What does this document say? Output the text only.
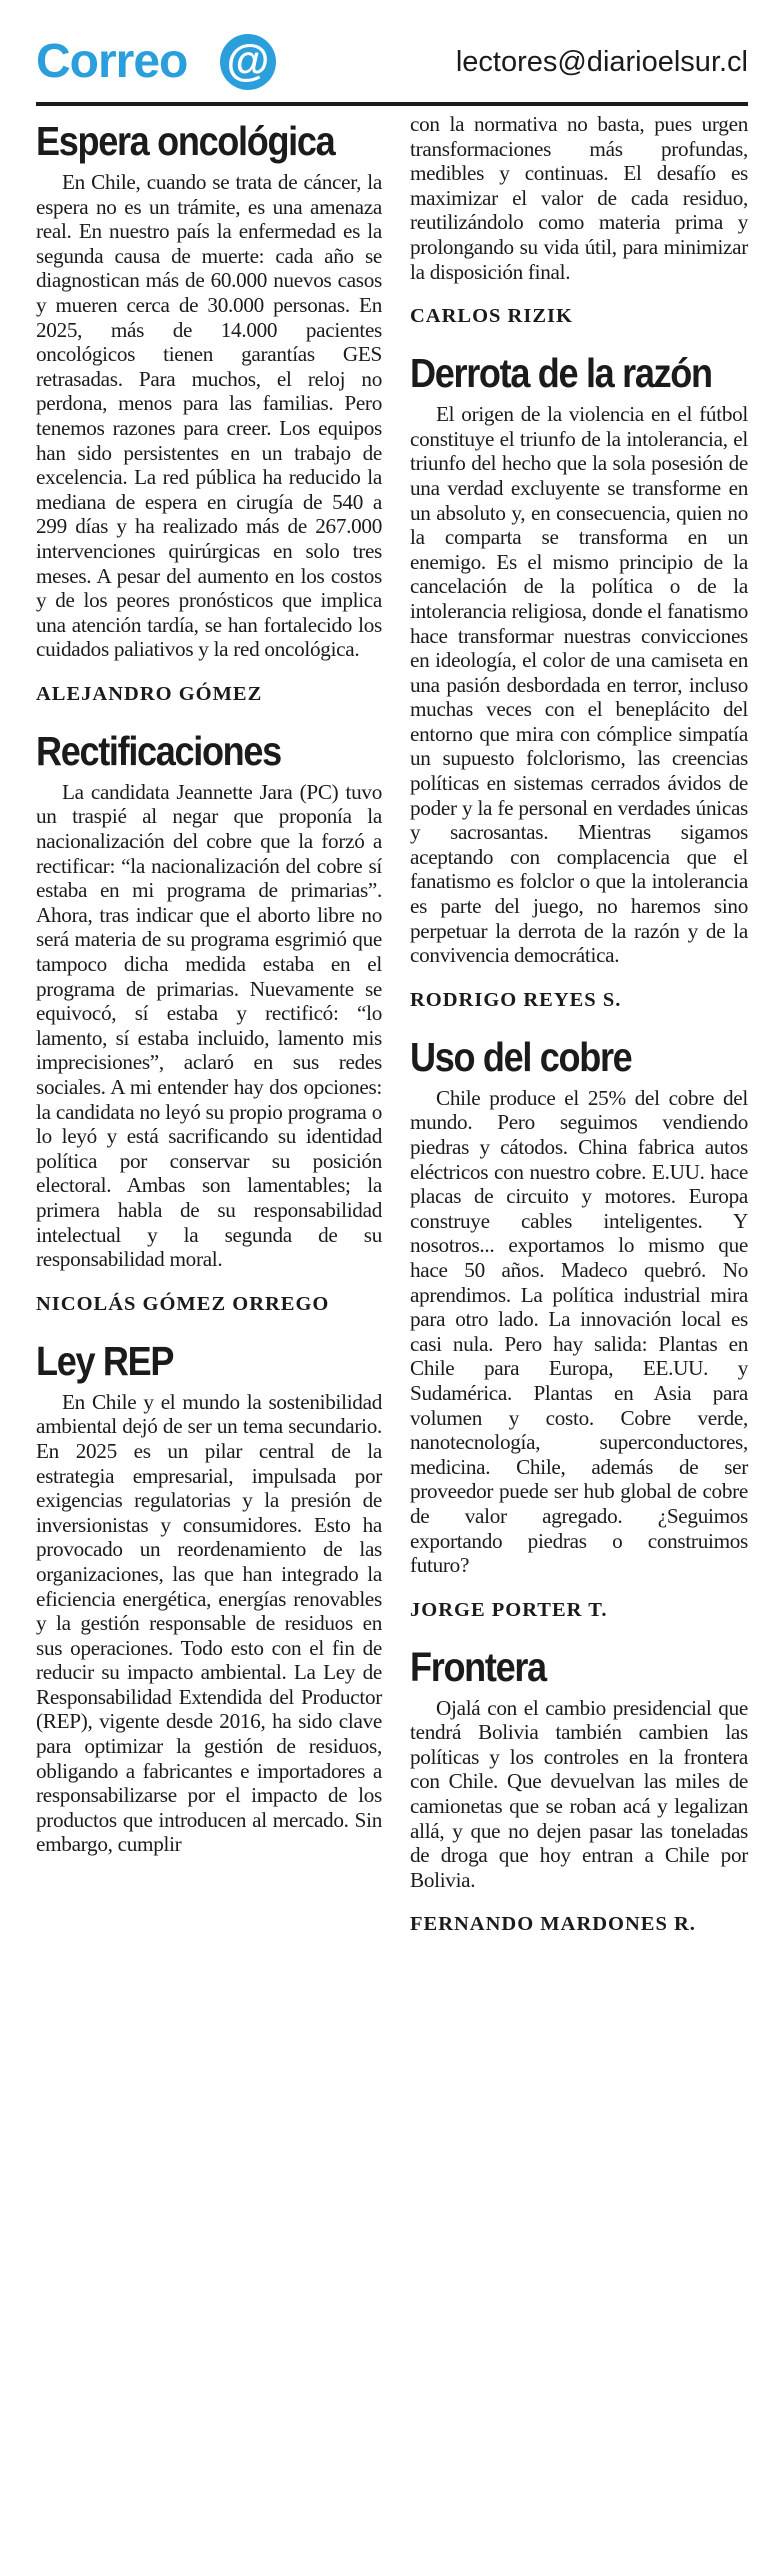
Correo @	lectores@diarioelsur.cl
Espera oncológica

En Chile, cuando se trata de cáncer, la espera no es un trámite, es una amenaza real. En nuestro país la enfermedad es la segunda causa de muerte: cada año se diagnostican más de 60.000 nuevos casos y mueren cerca de 30.000 personas. En 2025, más de 14.000 pacientes oncológicos tienen garantías GES retrasadas. Para muchos, el reloj no perdona, menos para las familias. Pero tenemos razones para creer. Los equipos han sido persistentes en un trabajo de excelencia. La red pública ha reducido la mediana de espera en cirugía de 540 a 299 días y ha realizado más de 267.000 intervenciones quirúrgicas en solo tres meses. A pesar del aumento en los costos y de los peores pronósticos que implica una atención tardía, se han fortalecido los cuidados paliativos y la red oncológica.

ALEJANDRO GÓMEZ
Rectificaciones

La candidata Jeannette Jara (PC) tuvo un traspié al negar que proponía la nacionalización del cobre que la forzó a rectificar: “la nacionalización del cobre sí estaba en mi programa de primarias”. Ahora, tras indicar que el aborto libre no será materia de su programa esgrimió que tampoco dicha medida estaba en el programa de primarias. Nuevamente se equivocó, sí estaba y rectificó: “lo lamento, sí estaba incluido, lamento mis imprecisiones”, aclaró en sus redes sociales. A mi entender hay dos opciones: la candidata no leyó su propio programa o lo leyó y está sacrificando su identidad política por conservar su posición electoral. Ambas son lamentables; la primera habla de su responsabilidad intelectual y la segunda de su responsabilidad moral.

NICOLÁS GÓMEZ ORREGO
Ley REP

En Chile y el mundo la sostenibilidad ambiental dejó de ser un tema secundario. En 2025 es un pilar central de la estrategia empresarial, impulsada por exigencias regulatorias y la presión de inversionistas y consumidores. Esto ha provocado un reordenamiento de las organizaciones, las que han integrado la eficiencia energética, energías renovables y la gestión responsable de residuos en sus operaciones. Todo esto con el fin de reducir su impacto ambiental. La Ley de Responsabilidad Extendida del Productor (REP), vigente desde 2016, ha sido clave para optimizar la gestión de residuos, obligando a fabricantes e importadores a responsabilizarse por el impacto de los productos que introducen al mercado. Sin embargo, cumplir

con la normativa no basta, pues urgen transformaciones más profundas, medibles y continuas. El desafío es maximizar el valor de cada residuo, reutilizándolo como materia prima y prolongando su vida útil, para minimizar la disposición final.

CARLOS RIZIK
Derrota de la razón

El origen de la violencia en el fútbol constituye el triunfo de la intolerancia, el triunfo del hecho que la sola posesión de una verdad excluyente se transforme en un absoluto y, en consecuencia, quien no la comparta se transforma en un enemigo. Es el mismo principio de la cancelación de la política o de la intolerancia religiosa, donde el fanatismo hace transformar nuestras convicciones en ideología, el color de una camiseta en una pasión desbordada en terror, incluso muchas veces con el beneplácito del entorno que mira con cómplice simpatía un supuesto folclorismo, las creencias políticas en sistemas cerrados ávidos de poder y la fe personal en verdades únicas y sacrosantas. Mientras sigamos aceptando con complacencia que el fanatismo es folclor o que la intolerancia es parte del juego, no haremos sino perpetuar la derrota de la razón y de la convivencia democrática.

RODRIGO REYES S.
Uso del cobre

Chile produce el 25% del cobre del mundo. Pero seguimos vendiendo piedras y cátodos. China fabrica autos eléctricos con nuestro cobre. E.UU. hace placas de circuito y motores. Europa construye cables inteligentes. Y nosotros... exportamos lo mismo que hace 50 años. Madeco quebró. No aprendimos. La política industrial mira para otro lado. La innovación local es casi nula. Pero hay salida: Plantas en Chile para Europa, EE.UU. y Sudamérica. Plantas en Asia para volumen y costo. Cobre verde, nanotecnología, superconductores, medicina. Chile, además de ser proveedor puede ser hub global de cobre de valor agregado. ¿Seguimos exportando piedras o construimos futuro?

JORGE PORTER T.
Frontera

Ojalá con el cambio presidencial que tendrá Bolivia también cambien las políticas y los controles en la frontera con Chile. Que devuelvan las miles de camionetas que se roban acá y legalizan allá, y que no dejen pasar las toneladas de droga que hoy entran a Chile por Bolivia.

FERNANDO MARDONES R.
